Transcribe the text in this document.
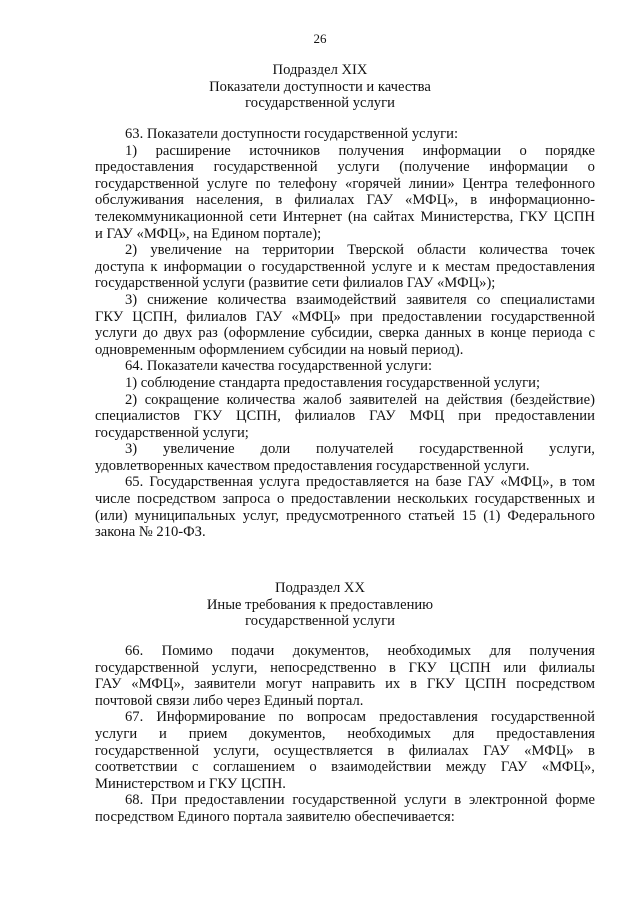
26
Подраздел XIX
Показатели доступности и качества
государственной услуги
63. Показатели доступности государственной услуги:
1) расширение источников получения информации о порядке
предоставления государственной услуги (получение информации о
государственной услуге по телефону «горячей линии» Центра телефонного
обслуживания населения, в филиалах ГАУ «МФЦ», в информационно-
телекоммуникационной сети Интернет (на сайтах Министерства, ГКУ ЦСПН
и ГАУ «МФЦ», на Едином портале);
2) увеличение на территории Тверской области количества точек
доступа к информации о государственной услуге и к местам предоставления
государственной услуги (развитие сети филиалов ГАУ «МФЦ»);
3) снижение количества взаимодействий заявителя со специалистами
ГКУ ЦСПН, филиалов ГАУ «МФЦ» при предоставлении государственной
услуги до двух раз (оформление субсидии, сверка данных в конце периода с
одновременным оформлением субсидии на новый период).
64. Показатели качества государственной услуги:
1) соблюдение стандарта предоставления государственной услуги;
2) сокращение количества жалоб заявителей на действия (бездействие)
специалистов ГКУ ЦСПН, филиалов ГАУ МФЦ при предоставлении
государственной услуги;
3) увеличение доли получателей государственной услуги,
удовлетворенных качеством предоставления государственной услуги.
65. Государственная услуга предоставляется на базе ГАУ «МФЦ», в том
числе посредством запроса о предоставлении нескольких государственных и
(или) муниципальных услуг, предусмотренного статьей 15 (1) Федерального
закона № 210-ФЗ.
Подраздел XX
Иные требования к предоставлению
государственной услуги
66. Помимо подачи документов, необходимых для получения
государственной услуги, непосредственно в ГКУ ЦСПН или филиалы
ГАУ «МФЦ», заявители могут направить их в ГКУ ЦСПН посредством
почтовой связи либо через Единый портал.
67. Информирование по вопросам предоставления государственной
услуги и прием документов, необходимых для предоставления
государственной услуги, осуществляется в филиалах ГАУ «МФЦ» в
соответствии с соглашением о взаимодействии между ГАУ «МФЦ»,
Министерством и ГКУ ЦСПН.
68. При предоставлении государственной услуги в электронной форме
посредством Единого портала заявителю обеспечивается:
